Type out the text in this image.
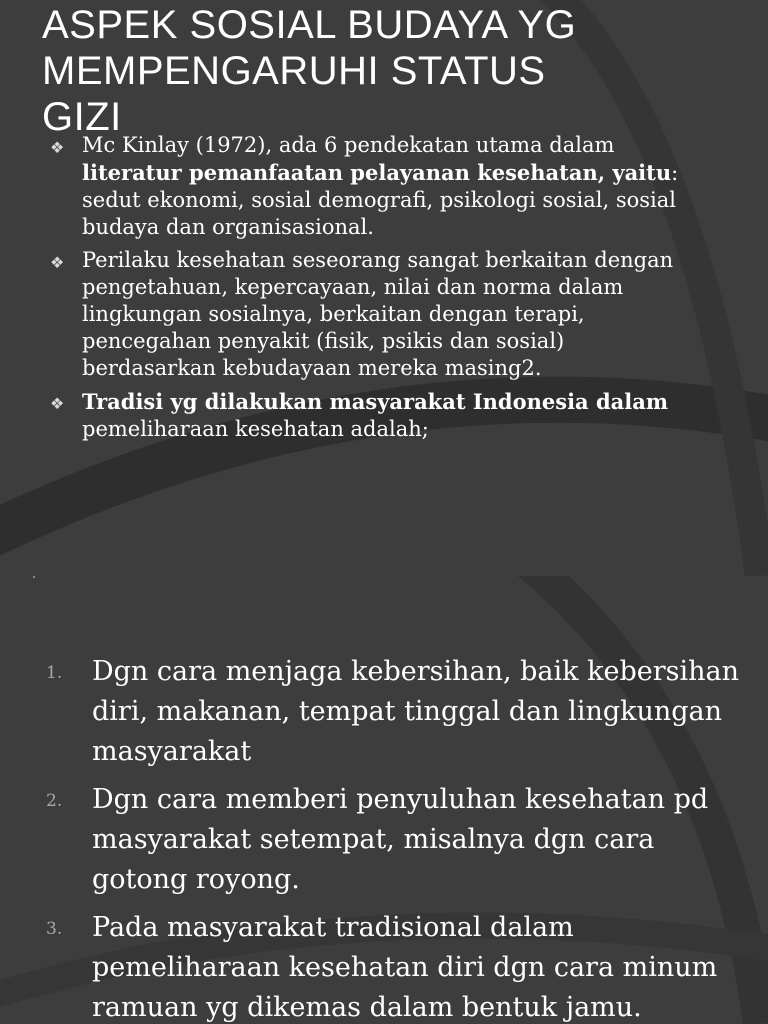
ASPEK SOSIAL BUDAYA YG
MEMPENGARUHI STATUS
GIZI
❖ Mc Kinlay (1972), ada 6 pendekatan utama dalam literatur pemanfaatan pelayanan kesehatan, yaitu: sedut ekonomi, sosial demografi, psikologi sosial, sosial budaya dan organisasional.
❖ Perilaku kesehatan seseorang sangat berkaitan dengan pengetahuan, kepercayaan, nilai dan norma dalam lingkungan sosialnya, berkaitan dengan terapi, pencegahan penyakit (fisik, psikis dan sosial) berdasarkan kebudayaan mereka masing2.
❖ Tradisi yg dilakukan masyarakat Indonesia dalam pemeliharaan kesehatan adalah;
1. Dgn cara menjaga kebersihan, baik kebersihan diri, makanan, tempat tinggal dan lingkungan masyarakat
2. Dgn cara memberi penyuluhan kesehatan pd masyarakat setempat, misalnya dgn cara gotong royong.
3. Pada masyarakat tradisional dalam pemeliharaan kesehatan diri dgn cara minum ramuan yg dikemas dalam bentuk jamu.
